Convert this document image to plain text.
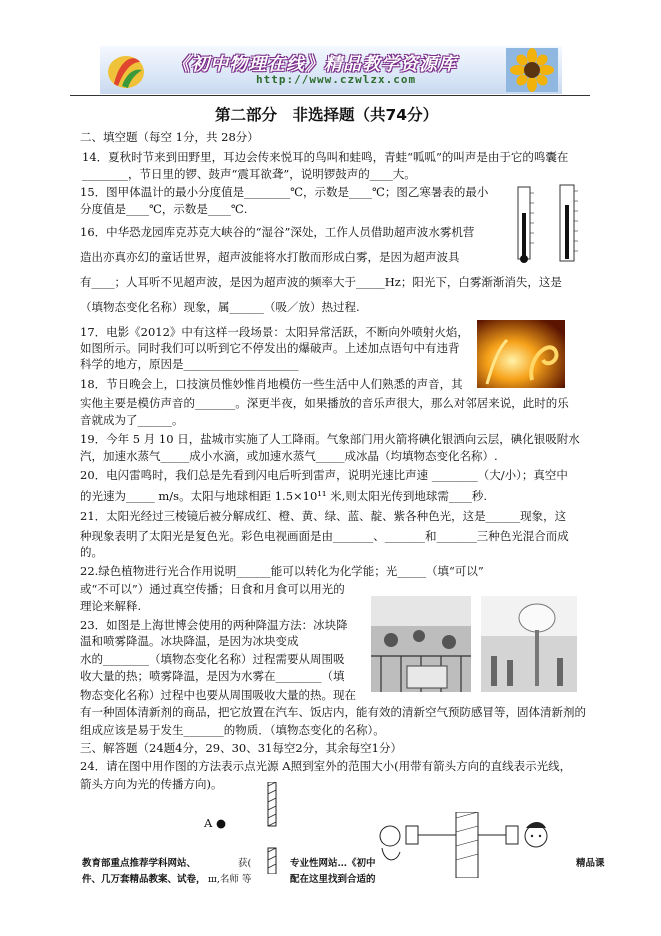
《初中物理在线》精品教学资源库
http://www.czwlzx.com
第二部分　非选择题（共74分）
二、填空题（每空 1分，共 28分）
14．夏秋时节来到田野里，耳边会传来悦耳的鸟叫和蛙鸣，青蛙“呱呱”的叫声是由于它的鸣囊在
________，节日里的锣、鼓声“震耳欲聋”，说明锣鼓声的____大。
15．图甲体温计的最小分度值是________℃，示数是____℃；图乙寒暑表的最小
分度值是____℃，示数是____℃.
16．中华恐龙园库克苏克大峡谷的“湿谷”深处，工作人员借助超声波水雾机营
造出亦真亦幻的童话世界，超声波能将水打散而形成白雾，是因为超声波具
有____；人耳听不见超声波，是因为超声波的频率大于_____Hz；阳光下，白雾渐渐消失，这是
（填物态变化名称）现象，属______（吸／放）热过程.
17．电影《2012》中有这样一段场景：太阳异常活跃，不断向外喷射火焰，
如图所示。同时我们可以听到它不停发出的爆破声。上述加点语句中有违背
科学的地方，原因是____________________
18．节日晚会上，口技演员惟妙惟肖地模仿一些生活中人们熟悉的声音，其
实他主要是模仿声音的_______。深更半夜，如果播放的音乐声很大，那么对邻居来说，此时的乐
音就成为了______。
19．今年 5 月 10 日，盐城市实施了人工降雨。气象部门用火箭将碘化银洒向云层，碘化银吸附水
汽，加速水蒸气_____成小水滴，或加速水蒸气_____成冰晶（均填物态变化名称）.
20．电闪雷鸣时，我们总是先看到闪电后听到雷声，说明光速比声速 ________（大/小）；真空中
的光速为_____ m/s。太阳与地球相距 1.5×10¹¹ 米,则太阳光传到地球需____秒.
21．太阳光经过三棱镜后被分解成红、橙、黄、绿、蓝、靛、紫各种色光，这是______现象，这
种现象表明了太阳光是复色光。彩色电视画面是由_______、_______和_______三种色光混合而成
的。
22.绿色植物进行光合作用说明______能可以转化为化学能；光_____（填“可以”
或“不可以”）通过真空传播；日食和月食可以用光的
理论来解释.
23．如图是上海世博会使用的两种降温方法：冰块降
温和喷雾降温。冰块降温，是因为冰块变成
水的________（填物态变化名称）过程需要从周围吸
收大量的热；喷雾降温，是因为水雾在________（填
物态变化名称）过程中也要从周围吸收大量的热。现在
有一种固体清新剂的商品，把它放置在汽车、饭店内，能有效的清新空气预防感冒等，固体清新剂的
组成应该是易于发生_______的物质．（填物态变化的名称）。
三、解答题（24题4分，29、30、31每空2分，其余每空1分）
24．请在图中用作图的方法表示点光源 A照到室外的范围大小(用带有箭头方向的直线表示光线，
箭头方向为光的传播方向)。
A ●
教育部重点推荐学科网站、	获(
件、几万套精品教案、试卷， ш,名师 等
专业性网站…《初中
配在这里找到合适的
精品课
